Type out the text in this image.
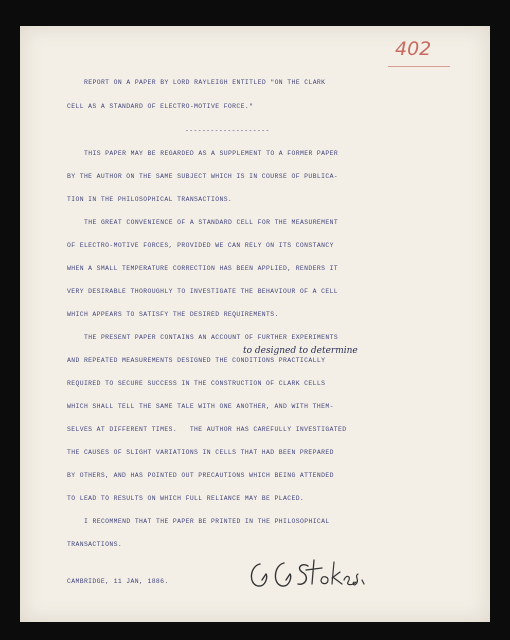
402

REPORT ON A PAPER BY LORD RAYLEIGH ENTITLED "ON THE CLARK

CELL AS A STANDARD OF ELECTRO-MOTIVE FORCE."

--------------------

THIS PAPER MAY BE REGARDED AS A SUPPLEMENT TO A FORMER PAPER

BY THE AUTHOR ON THE SAME SUBJECT WHICH IS IN COURSE OF PUBLICA-

TION IN THE PHILOSOPHICAL TRANSACTIONS.

THE GREAT CONVENIENCE OF A STANDARD CELL FOR THE MEASUREMENT

OF ELECTRO-MOTIVE FORCES, PROVIDED WE CAN RELY ON ITS CONSTANCY

WHEN A SMALL TEMPERATURE CORRECTION HAS BEEN APPLIED, RENDERS IT

VERY DESIRABLE THOROUGHLY TO INVESTIGATE THE BEHAVIOUR OF A CELL

WHICH APPEARS TO SATISFY THE DESIRED REQUIREMENTS.

THE PRESENT PAPER CONTAINS AN ACCOUNT OF FURTHER EXPERIMENTS

to designed to determine

AND REPEATED MEASUREMENTS DESIGNED THE CONDITIONS PRACTICALLY

REQUIRED TO SECURE SUCCESS IN THE CONSTRUCTION OF CLARK CELLS

WHICH SHALL TELL THE SAME TALE WITH ONE ANOTHER, AND WITH THEM-

SELVES AT DIFFERENT TIMES.   THE AUTHOR HAS CAREFULLY INVESTIGATED

THE CAUSES OF SLIGHT VARIATIONS IN CELLS THAT HAD BEEN PREPARED

BY OTHERS, AND HAS POINTED OUT PRECAUTIONS WHICH BEING ATTENDED

TO LEAD TO RESULTS ON WHICH FULL RELIANCE MAY BE PLACED.

I RECOMMEND THAT THE PAPER BE PRINTED IN THE PHILOSOPHICAL

TRANSACTIONS.

CAMBRIDGE, 11 JAN, 1886.
